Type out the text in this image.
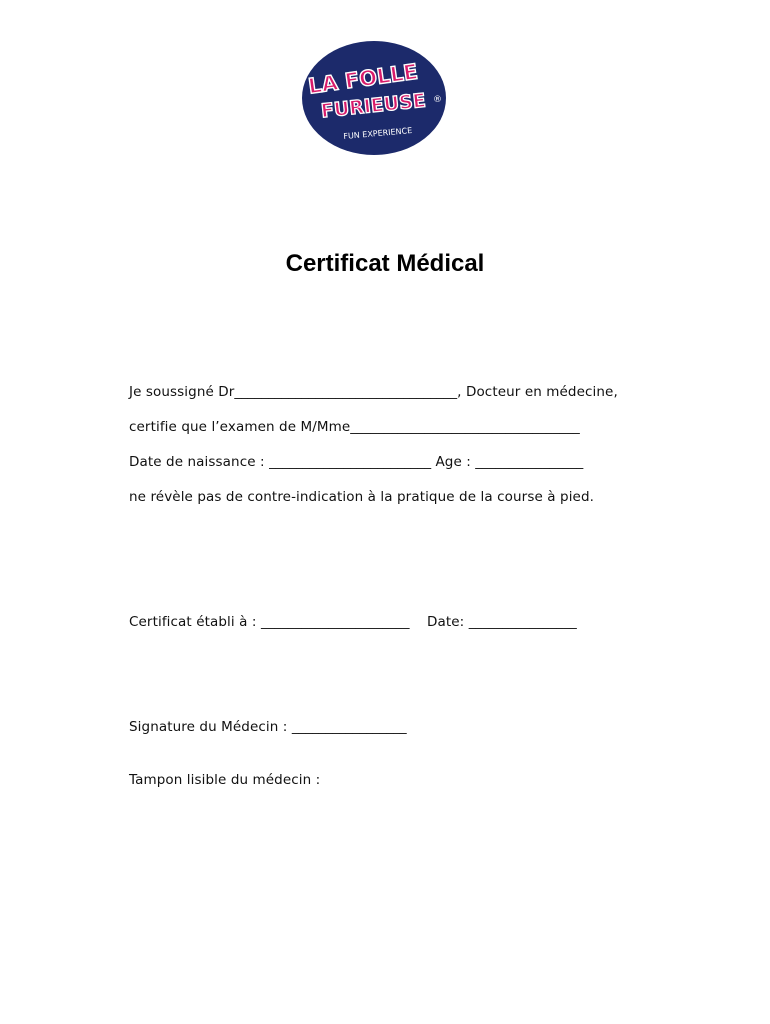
LA FOLLE
FURIEUSE ®
FUN EXPERIENCE
Certificat Médical
Je soussigné Dr_________________________________, Docteur en médecine,
certifie que l’examen de M/Mme__________________________________
Date de naissance : ________________________ Age : ________________
ne révèle pas de contre-indication à la pratique de la course à pied.
Certificat établi à : ______________________    Date: ________________
Signature du Médecin : _________________
Tampon lisible du médecin :
